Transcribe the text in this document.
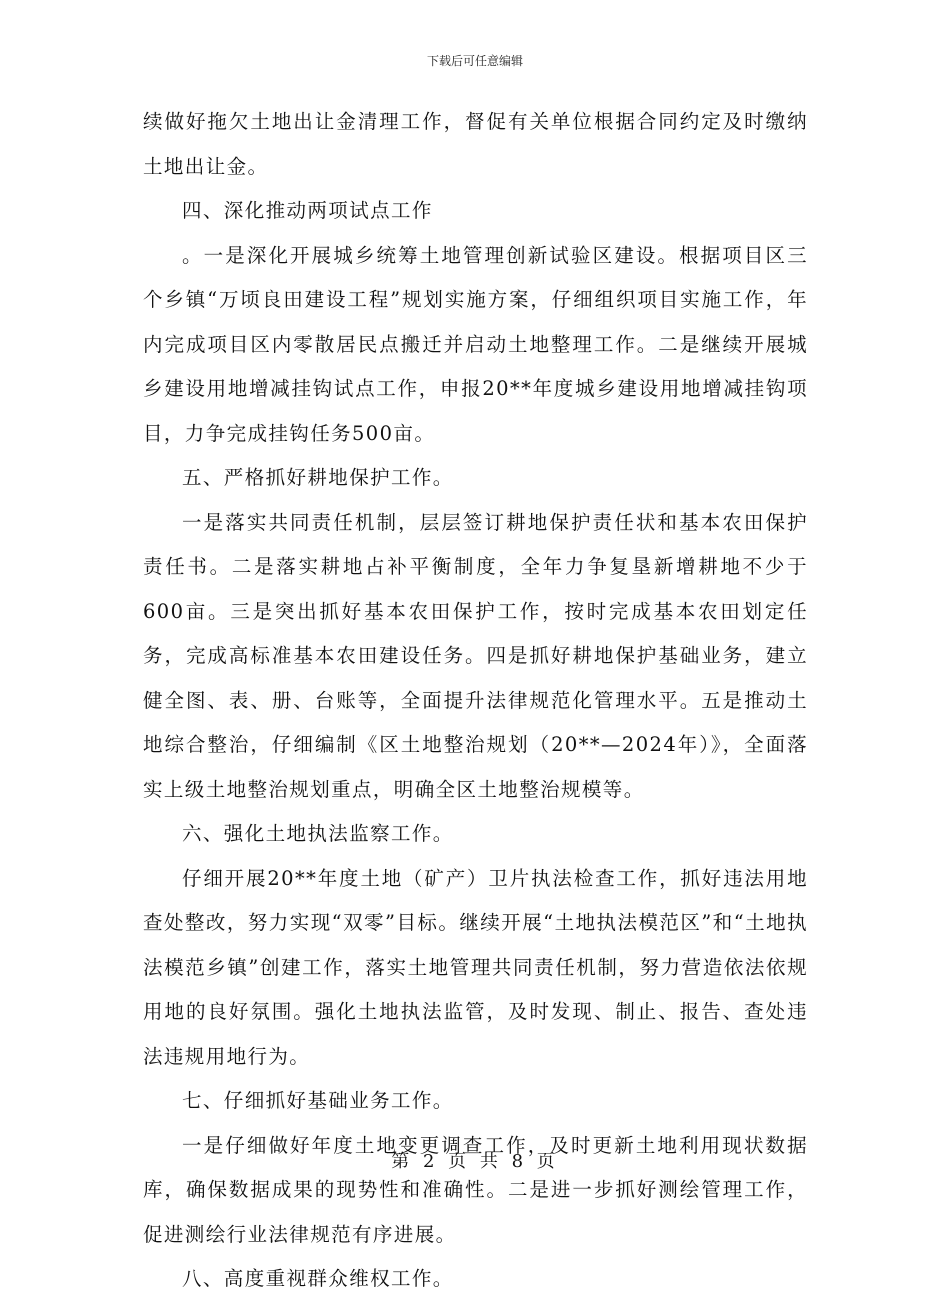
下载后可任意编辑

续做好拖欠土地出让金清理工作，督促有关单位根据合同约定及时缴纳土地出让金。

四、深化推动两项试点工作

。一是深化开展城乡统筹土地管理创新试验区建设。根据项目区三个乡镇“万顷良田建设工程”规划实施方案，仔细组织项目实施工作，年内完成项目区内零散居民点搬迁并启动土地整理工作。二是继续开展城乡建设用地增减挂钩试点工作，申报20**年度城乡建设用地增减挂钩项目，力争完成挂钩任务500亩。

五、严格抓好耕地保护工作。

一是落实共同责任机制，层层签订耕地保护责任状和基本农田保护责任书。二是落实耕地占补平衡制度，全年力争复垦新增耕地不少于600亩。三是突出抓好基本农田保护工作，按时完成基本农田划定任务，完成高标准基本农田建设任务。四是抓好耕地保护基础业务，建立健全图、表、册、台账等，全面提升法律规范化管理水平。五是推动土地综合整治，仔细编制《区土地整治规划（20**—2024年）》，全面落实上级土地整治规划重点，明确全区土地整治规模等。

六、强化土地执法监察工作。

仔细开展20**年度土地（矿产）卫片执法检查工作，抓好违法用地查处整改，努力实现“双零”目标。继续开展“土地执法模范区”和“土地执法模范乡镇”创建工作，落实土地管理共同责任机制，努力营造依法依规用地的良好氛围。强化土地执法监管，及时发现、制止、报告、查处违法违规用地行为。

七、仔细抓好基础业务工作。

一是仔细做好年度土地变更调查工作，及时更新土地利用现状数据库，确保数据成果的现势性和准确性。二是进一步抓好测绘管理工作，促进测绘行业法律规范有序进展。

八、高度重视群众维权工作。

第 2 页 共 8 页
